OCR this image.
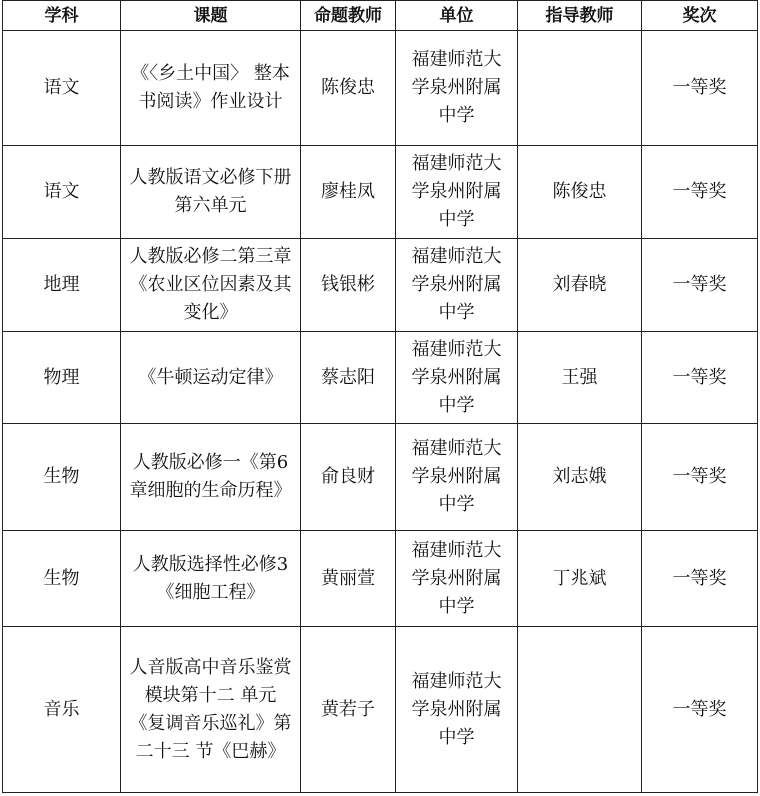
学科	课题	命题教师	单位	指导教师	奖次
语文	《〈乡土中国〉 整本书阅读》作业设计	陈俊忠	福建师范大学泉州附属中学		一等奖
语文	人教版语文必修下册第六单元	廖桂凤	福建师范大学泉州附属中学	陈俊忠	一等奖
地理	人教版必修二第三章《农业区位因素及其变化》	钱银彬	福建师范大学泉州附属中学	刘春晓	一等奖
物理	《牛顿运动定律》	蔡志阳	福建师范大学泉州附属中学	王强	一等奖
生物	人教版必修一《第6章细胞的生命历程》	俞良财	福建师范大学泉州附属中学	刘志娥	一等奖
生物	人教版选择性必修3《细胞工程》	黄丽萱	福建师范大学泉州附属中学	丁兆斌	一等奖
音乐	人音版高中音乐鉴赏模块第十二 单元《复调音乐巡礼》第二十三 节《巴赫》	黄若子	福建师范大学泉州附属中学		一等奖
